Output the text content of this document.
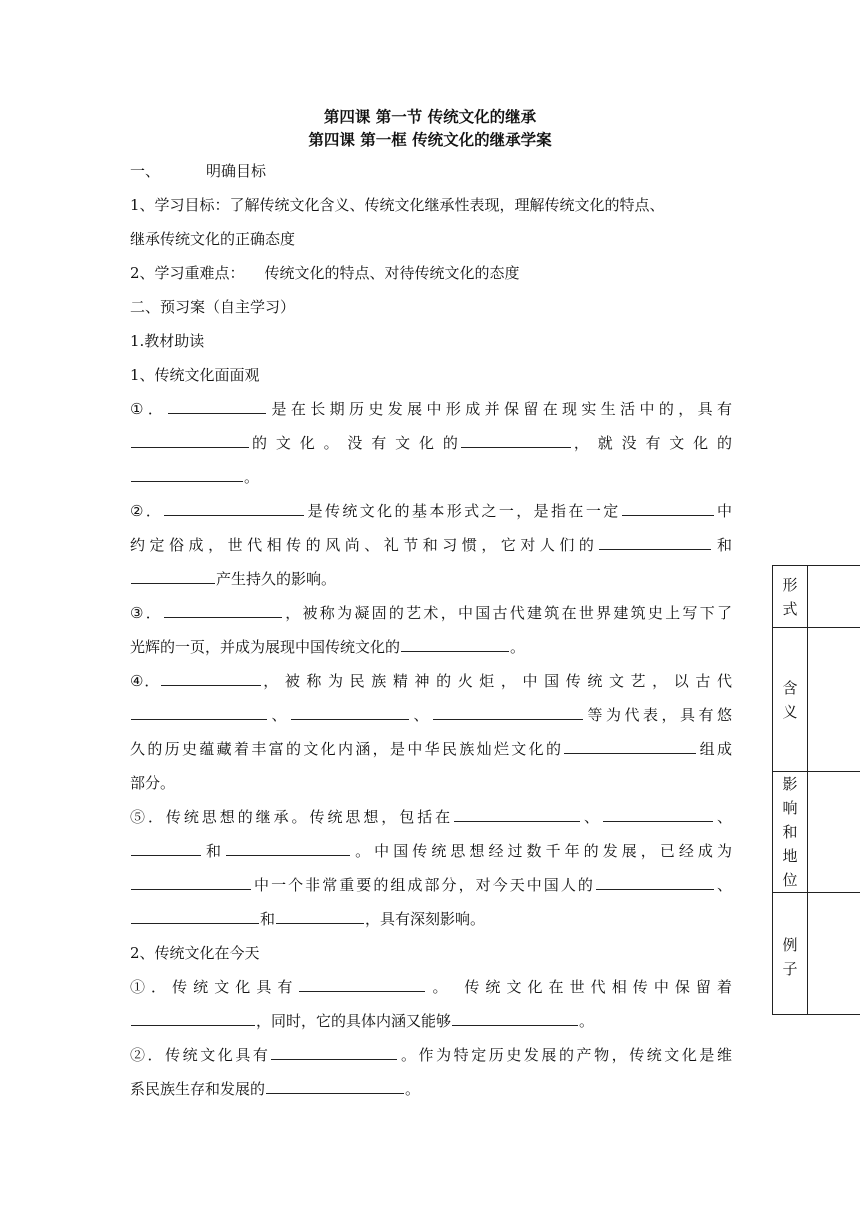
第四课 第一节 传统文化的继承
第四课 第一框 传统文化的继承学案

一、	明确目标

1、学习目标：了解传统文化含义、传统文化继承性表现，理解传统文化的特点、

继承传统文化的正确态度

2、学习重难点： 传统文化的特点、对待传统文化的态度

二、预习案（自主学习）

1.教材助读

1、传统文化面面观

①．	是在长期历史发展中形成并保留在现实生活中的，具有

的 文 化 。 没 有 文 化 的	， 就 没 有 文 化 的

。

②．	是传统文化的基本形式之一，是指在一定	中

约定俗成，世代相传的风尚、礼节和习惯，它对人们的	和

产生持久的影响。

③．	，被称为凝固的艺术，中国古代建筑在世界建筑史上写下了

光辉的一页，并成为展现中国传统文化的	。

④．	， 被 称 为 民 族 精 神 的 火 炬 ， 中 国 传 统 文 艺 ， 以 古 代

、	、	等为代表，具有悠

久的历史蕴藏着丰富的文化内涵，是中华民族灿烂文化的	组成

部分。

⑤．传统思想的继承。传统思想，包括在	、	、

和	。中国传统思想经过数千年的发展，已经成为

中一个非常重要的组成部分，对今天中国人的	、

和	，具有深刻影响。

2、传统文化在今天

①．传统文化具有	。 传统文化在世代相传中保留着

，同时，它的具体内涵又能够	。

②．传统文化具有	。作为特定历史发展的产物，传统文化是维

系民族生存和发展的	。

形
式	

含
义	

影
响
和
地
位	

例
子	
